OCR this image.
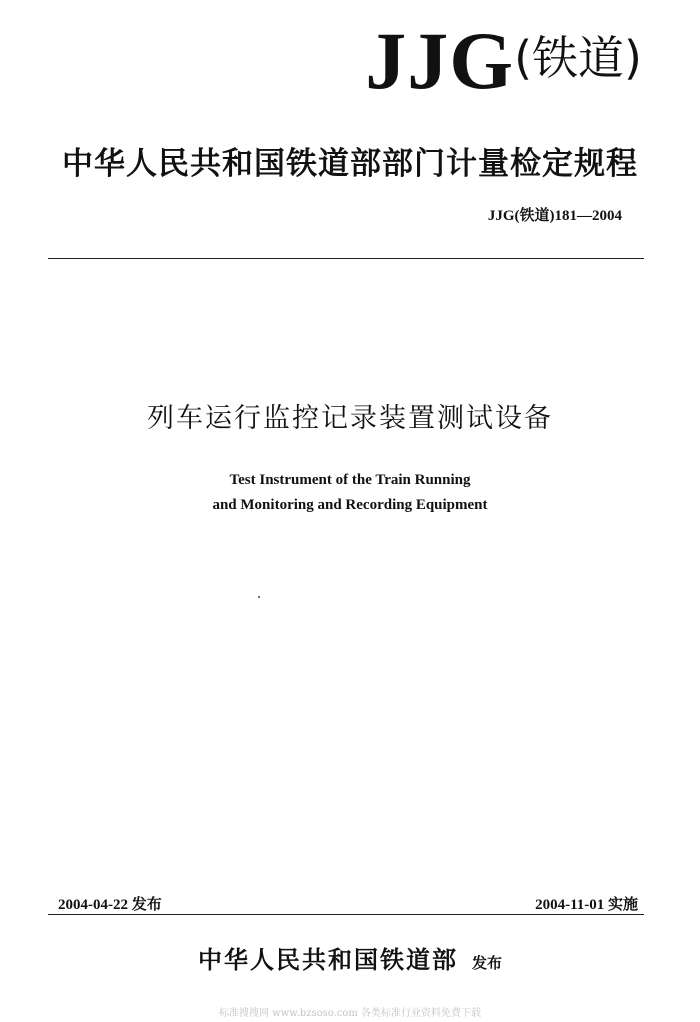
JJG(铁道)
中华人民共和国铁道部部门计量检定规程
JJG(铁道)181—2004
列车运行监控记录装置测试设备
Test Instrument of the Train Running
and Monitoring and Recording Equipment
2004-04-22 发布	2004-11-01 实施
中华人民共和国铁道部 发布
标准搜搜网 www.bzsoso.com 各类标准行业资料免费下载
